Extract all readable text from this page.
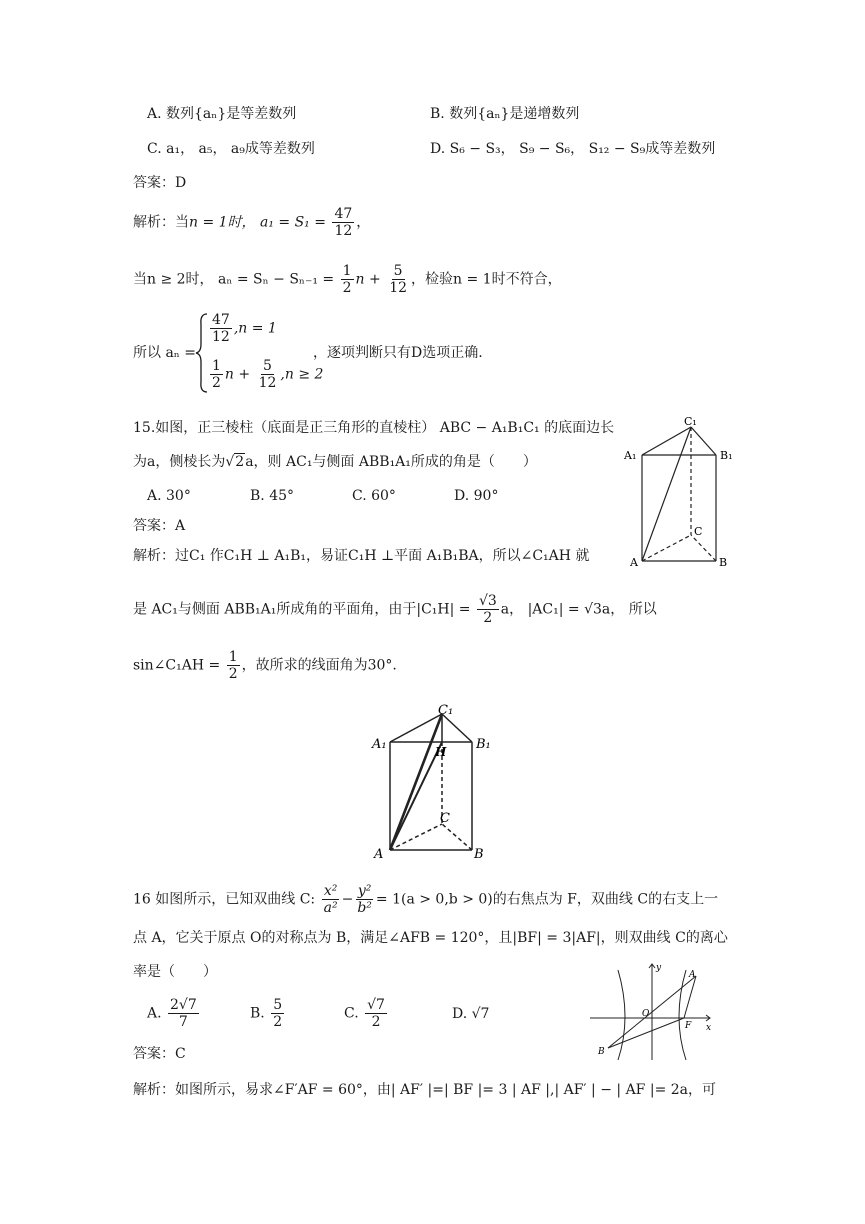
A. 数列{aₙ}是等差数列	B. 数列{aₙ}是递增数列
C. a₁， a₅， a₉成等差数列	D. S₆ − S₃， S₉ − S₆， S₁₂ − S₉成等差数列
答案：D
解析：当n = 1时， $a_1 = S_1 = \frac{47}{12}$ ，
当n ≥ 2时， $a_n = S_n - S_{n-1} = \frac{1}{2}$ $n + \frac{5}{12}$ ，检验n = 1时不符合，
所以 aₙ =
$\frac{47}{12} ,n = 1$
$\frac{1}{2}$ $n + \frac{5}{12} ,n \ge 2$
，逐项判断只有D选项正确.
15.如图，正三棱柱（底面是正三角形的直棱柱） ABC − A₁B₁C₁ 的底面边长
为a，侧棱长为√2a，则 AC₁与侧面 ABB₁A₁所成的角是（　　）
A. 30°	B. 45°	C. 60°	D. 90°
答案：A
解析：过C₁ 作C₁H ⊥ A₁B₁，易证C₁H ⊥平面 A₁B₁BA，所以∠C₁AH 就
是 AC₁与侧面 ABB₁A₁所成角的平面角，由于$|C_1H| = \frac{√3}{2}$ a， |AC₁| = √3a， 所以
sin∠C₁AH = $\frac{1}{2}$ ，故所求的线面角为30°.
C₁
A₁	B₁
C
A	B
C₁
A₁	B₁
H
C
A	B
16 如图所示，已知双曲线 C: $\frac{\text{x²}}{\text{a²}} - \frac{\text{y²}}{\text{b²}} = 1(a > 0,b > 0)$的右焦点为 F，双曲线 C的右支上一
点 A，它关于原点 O的对称点为 B，满足∠AFB = 120°，且|BF| = 3|AF|，则双曲线 C的离心
率是（　　）
A. $\frac{2√7}{7}$	B. $\frac{5}{2}$	C. $\frac{√7}{2}$	D. √7
答案：C
解析：如图所示，易求∠F′AF = 60°，由| AF′ |=| BF |= 3 | AF |,| AF′ | − | AF |= 2a，可
y
A
O
F x
B
